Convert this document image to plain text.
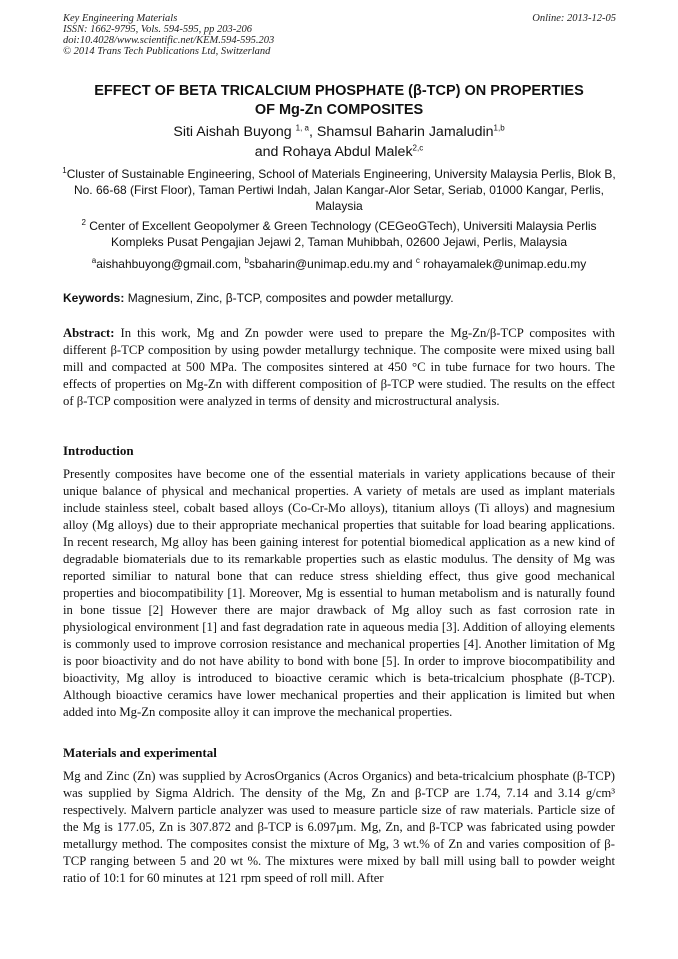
Key Engineering Materials
ISSN: 1662-9795, Vols. 594-595, pp 203-206
doi:10.4028/www.scientific.net/KEM.594-595.203
© 2014 Trans Tech Publications Ltd, Switzerland
Online: 2013-12-05
EFFECT OF BETA TRICALCIUM PHOSPHATE (β-TCP) ON PROPERTIES
OF Mg-Zn COMPOSITES
Siti Aishah Buyong $^{1, a}$, Shamsul Baharin Jamaludin$^{1,b}$
and Rohaya Abdul Malek$^{2,c}$
$^1$Cluster of Sustainable Engineering, School of Materials Engineering, University Malaysia Perlis, Blok B, No. 66-68 (First Floor), Taman Pertiwi Indah, Jalan Kangar-Alor Setar, Seriab, 01000 Kangar, Perlis, Malaysia
$^2$ Center of Excellent Geopolymer & Green Technology (CEGeoGTech), Universiti Malaysia Perlis Kompleks Pusat Pengajian Jejawi 2, Taman Muhibbah, 02600 Jejawi, Perlis, Malaysia
$^a$aishahbuyong@gmail.com, $^b$sbaharin@unimap.edu.my and $^c$ rohayamalek@unimap.edu.my
Keywords: Magnesium, Zinc, β-TCP, composites and powder metallurgy.
Abstract: In this work, Mg and Zn powder were used to prepare the Mg-Zn/β-TCP composites with different β-TCP composition by using powder metallurgy technique. The composite were mixed using ball mill and compacted at 500 MPa. The composites sintered at 450 °C in tube furnace for two hours. The effects of properties on Mg-Zn with different composition of β-TCP were studied. The results on the effect of β-TCP composition were analyzed in terms of density and microstructural analysis.
Introduction
Presently composites have become one of the essential materials in variety applications because of their unique balance of physical and mechanical properties. A variety of metals are used as implant materials include stainless steel, cobalt based alloys (Co-Cr-Mo alloys), titanium alloys (Ti alloys) and magnesium alloy (Mg alloys) due to their appropriate mechanical properties that suitable for load bearing applications. In recent research, Mg alloy has been gaining interest for potential biomedical application as a new kind of degradable biomaterials due to its remarkable properties such as elastic modulus. The density of Mg was reported similiar to natural bone that can reduce stress shielding effect, thus give good mechanical properties and biocompatibility [1]. Moreover, Mg is essential to human metabolism and is naturally found in bone tissue [2] However there are major drawback of Mg alloy such as fast corrosion rate in physiological environment [1] and fast degradation rate in aqueous media [3]. Addition of alloying elements is commonly used to improve corrosion resistance and mechanical properties [4]. Another limitation of Mg is poor bioactivity and do not have ability to bond with bone [5]. In order to improve biocompatibility and bioactivity, Mg alloy is introduced to bioactive ceramic which is beta-tricalcium phosphate (β-TCP). Although bioactive ceramics have lower mechanical properties and their application is limited but when added into Mg-Zn composite alloy it can improve the mechanical properties.
Materials and experimental
Mg and Zinc (Zn) was supplied by AcrosOrganics (Acros Organics) and beta-tricalcium phosphate (β-TCP) was supplied by Sigma Aldrich. The density of the Mg, Zn and β-TCP are 1.74, 7.14 and 3.14 g/cm³ respectively. Malvern particle analyzer was used to measure particle size of raw materials. Particle size of the Mg is 177.05, Zn is 307.872 and β-TCP is 6.097µm. Mg, Zn, and β-TCP was fabricated using powder metallurgy method. The composites consist the mixture of Mg, 3 wt.% of Zn and varies composition of β-TCP ranging between 5 and 20 wt %. The mixtures were mixed by ball mill using ball to powder weight ratio of 10:1 for 60 minutes at 121 rpm speed of roll mill. After
